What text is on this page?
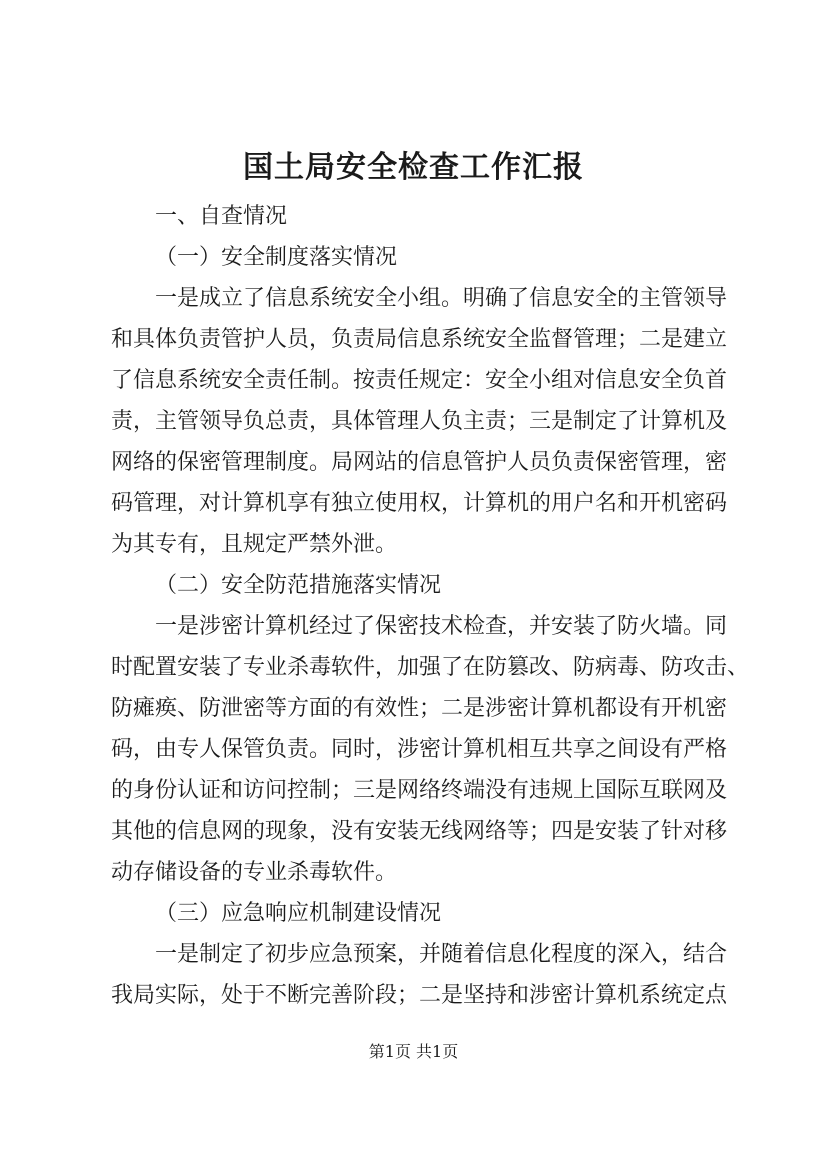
国土局安全检查工作汇报
一、自查情况
（一）安全制度落实情况
一是成立了信息系统安全小组。明确了信息安全的主管领导
和具体负责管护人员，负责局信息系统安全监督管理；二是建立
了信息系统安全责任制。按责任规定：安全小组对信息安全负首
责，主管领导负总责，具体管理人负主责；三是制定了计算机及
网络的保密管理制度。局网站的信息管护人员负责保密管理，密
码管理，对计算机享有独立使用权，计算机的用户名和开机密码
为其专有，且规定严禁外泄。
（二）安全防范措施落实情况
一是涉密计算机经过了保密技术检查，并安装了防火墙。同
时配置安装了专业杀毒软件，加强了在防篡改、防病毒、防攻击、
防瘫痪、防泄密等方面的有效性；二是涉密计算机都设有开机密
码，由专人保管负责。同时，涉密计算机相互共享之间设有严格
的身份认证和访问控制；三是网络终端没有违规上国际互联网及
其他的信息网的现象，没有安装无线网络等；四是安装了针对移
动存储设备的专业杀毒软件。
（三）应急响应机制建设情况
一是制定了初步应急预案，并随着信息化程度的深入，结合
我局实际，处于不断完善阶段；二是坚持和涉密计算机系统定点
第1页 共1页
